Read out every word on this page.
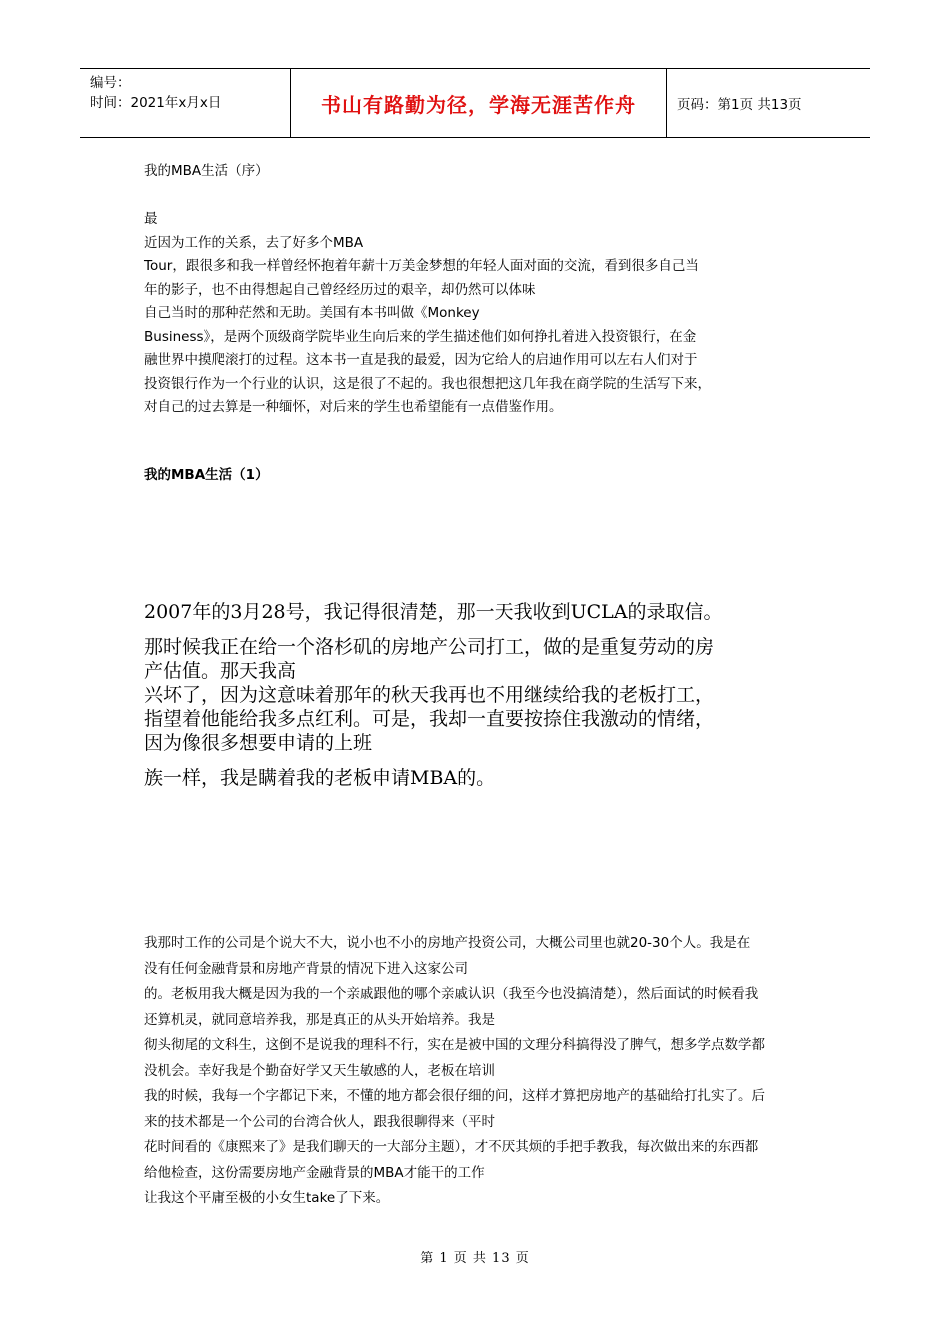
编号：
时间：2021年x月x日	书山有路勤为径，学海无涯苦作舟	页码：第1页 共13页
我的MBA生活（序）
最
近因为工作的关系，去了好多个MBA
Tour，跟很多和我一样曾经怀抱着年薪十万美金梦想的年轻人面对面的交流，看到很多自己当
年的影子，也不由得想起自己曾经经历过的艰辛，却仍然可以体味
自己当时的那种茫然和无助。美国有本书叫做《Monkey
Business》，是两个顶级商学院毕业生向后来的学生描述他们如何挣扎着进入投资银行，在金
融世界中摸爬滚打的过程。这本书一直是我的最爱，因为它给人的启迪作用可以左右人们对于
投资银行作为一个行业的认识，这是很了不起的。我也很想把这几年我在商学院的生活写下来，
对自己的过去算是一种缅怀，对后来的学生也希望能有一点借鉴作用。
我的MBA生活（1）

2007年的3月28号，我记得很清楚，那一天我收到UCLA的录取信。

那时候我正在给一个洛杉矶的房地产公司打工，做的是重复劳动的房
产估值。那天我高
兴坏了，因为这意味着那年的秋天我再也不用继续给我的老板打工，
指望着他能给我多点红利。可是，我却一直要按捺住我激动的情绪，
因为像很多想要申请的上班

族一样，我是瞒着我的老板申请MBA的。

我那时工作的公司是个说大不大，说小也不小的房地产投资公司，大概公司里也就20-30个人。我是在
没有任何金融背景和房地产背景的情况下进入这家公司
的。老板用我大概是因为我的一个亲戚跟他的哪个亲戚认识（我至今也没搞清楚），然后面试的时候看我
还算机灵，就同意培养我，那是真正的从头开始培养。我是
彻头彻尾的文科生，这倒不是说我的理科不行，实在是被中国的文理分科搞得没了脾气，想多学点数学都
没机会。幸好我是个勤奋好学又天生敏感的人，老板在培训
我的时候，我每一个字都记下来，不懂的地方都会很仔细的问，这样才算把房地产的基础给打扎实了。后
来的技术都是一个公司的台湾合伙人，跟我很聊得来（平时
花时间看的《康熙来了》是我们聊天的一大部分主题），才不厌其烦的手把手教我，每次做出来的东西都
给他检查，这份需要房地产金融背景的MBA才能干的工作
让我这个平庸至极的小女生take了下来。
第 1 页 共 13 页
